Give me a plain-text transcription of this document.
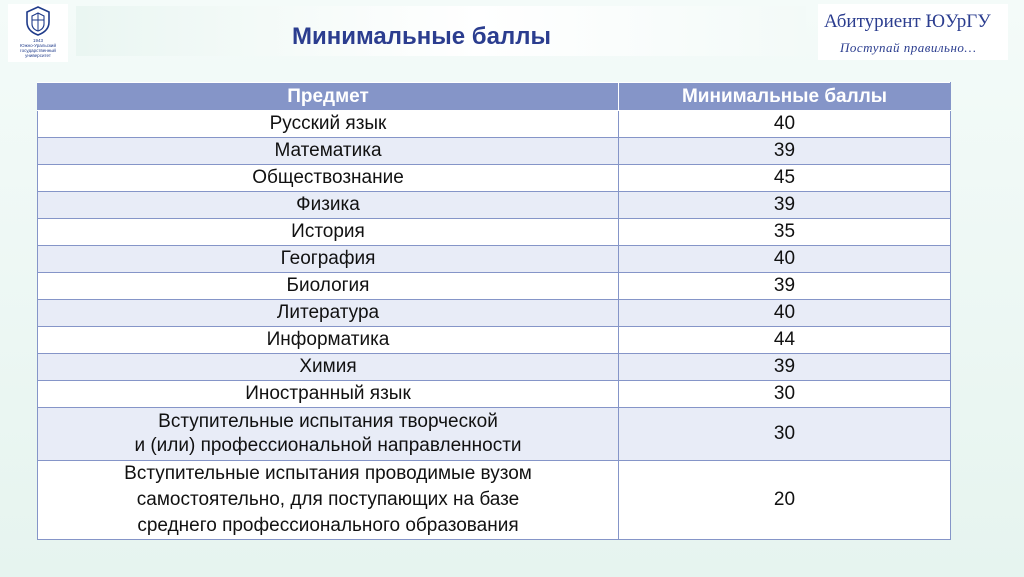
1943
Южно-Уральский
государственный
университет
Минимальные баллы
Абитуриент ЮУрГУ
Поступай правильно…
Предмет	Минимальные баллы

Русский язык	40

Математика	39

Обществознание	45

Физика	39

История	35

География	40

Биология	39

Литература	40

Информатика	44

Химия	39

Иностранный язык	30

Вступительные испытания творческой
и (или) профессиональной направленности	30

Вступительные испытания проводимые вузом
самостоятельно, для поступающих на базе
среднего профессионального образования	20
